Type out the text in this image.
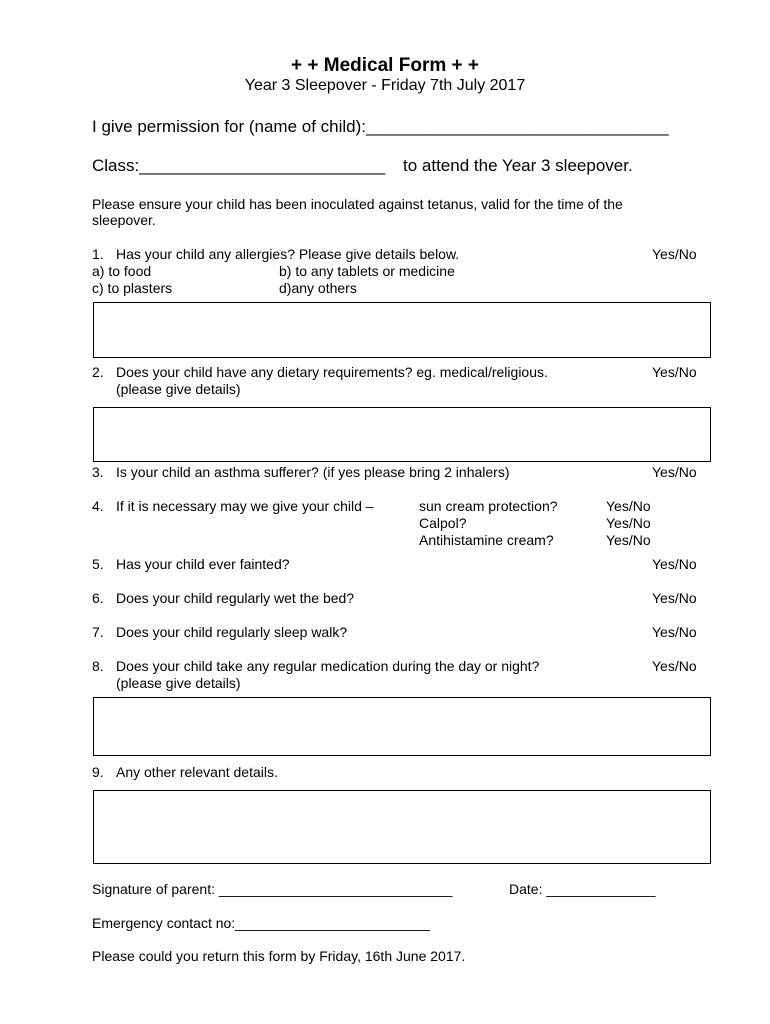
+ + Medical Form + +
Year 3 Sleepover - Friday 7th July 2017
I give permission for (name of child):________________________________
Class:__________________________ to attend the Year 3 sleepover.
Please ensure your child has been inoculated against tetanus, valid for the time of the
sleepover.
1. Has your child any allergies? Please give details below.	Yes/No
a) to food	b) to any tablets or medicine
c) to plasters	d)any others
2. Does your child have any dietary requirements? eg. medical/religious.	Yes/No
(please give details)
3. Is your child an asthma sufferer? (if yes please bring 2 inhalers)	Yes/No
4. If it is necessary may we give your child –	sun cream protection?	Yes/No
Calpol?	Yes/No
Antihistamine cream?	Yes/No
5. Has your child ever fainted?	Yes/No
6. Does your child regularly wet the bed?	Yes/No
7. Does your child regularly sleep walk?	Yes/No
8. Does your child take any regular medication during the day or night?	Yes/No
(please give details)
9. Any other relevant details.
Signature of parent: ______________________________	Date: ______________
Emergency contact no:_________________________
Please could you return this form by Friday, 16th June 2017.
